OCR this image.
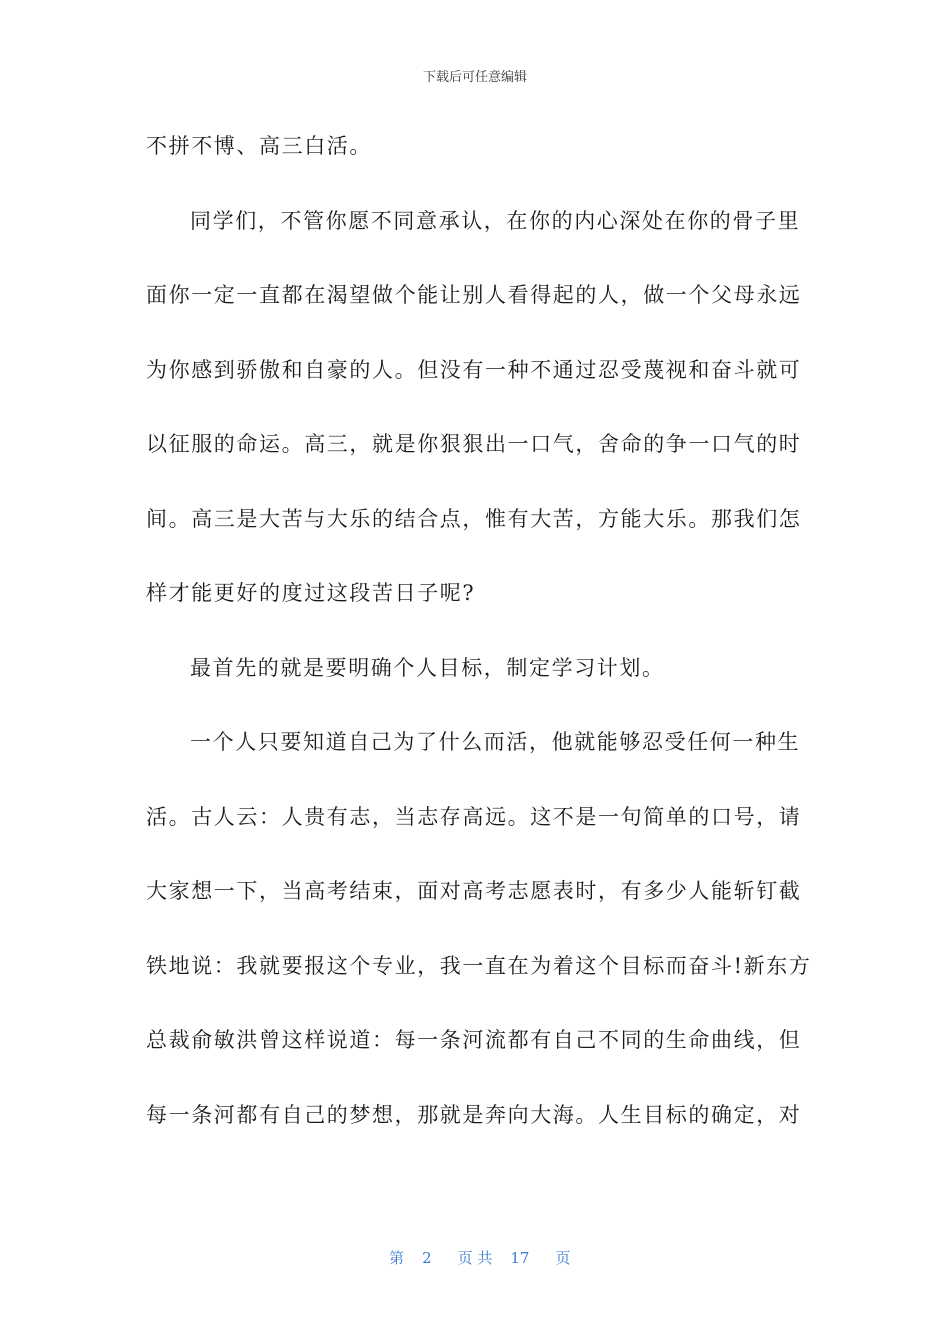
下载后可任意编辑
不拼不博、高三白活。
同学们，不管你愿不同意承认，在你的内心深处在你的骨子里
面你一定一直都在渴望做个能让别人看得起的人，做一个父母永远
为你感到骄傲和自豪的人。但没有一种不通过忍受蔑视和奋斗就可
以征服的命运。高三，就是你狠狠出一口气，舍命的争一口气的时
间。高三是大苦与大乐的结合点，惟有大苦，方能大乐。那我们怎
样才能更好的度过这段苦日子呢?
最首先的就是要明确个人目标，制定学习计划。
一个人只要知道自己为了什么而活，他就能够忍受任何一种生
活。古人云：人贵有志，当志存高远。这不是一句简单的口号，请
大家想一下，当高考结束，面对高考志愿表时，有多少人能斩钉截
铁地说：我就要报这个专业，我一直在为着这个目标而奋斗!新东方
总裁俞敏洪曾这样说道：每一条河流都有自己不同的生命曲线，但
每一条河都有自己的梦想，那就是奔向大海。人生目标的确定，对

第 2 页 共 17 页
